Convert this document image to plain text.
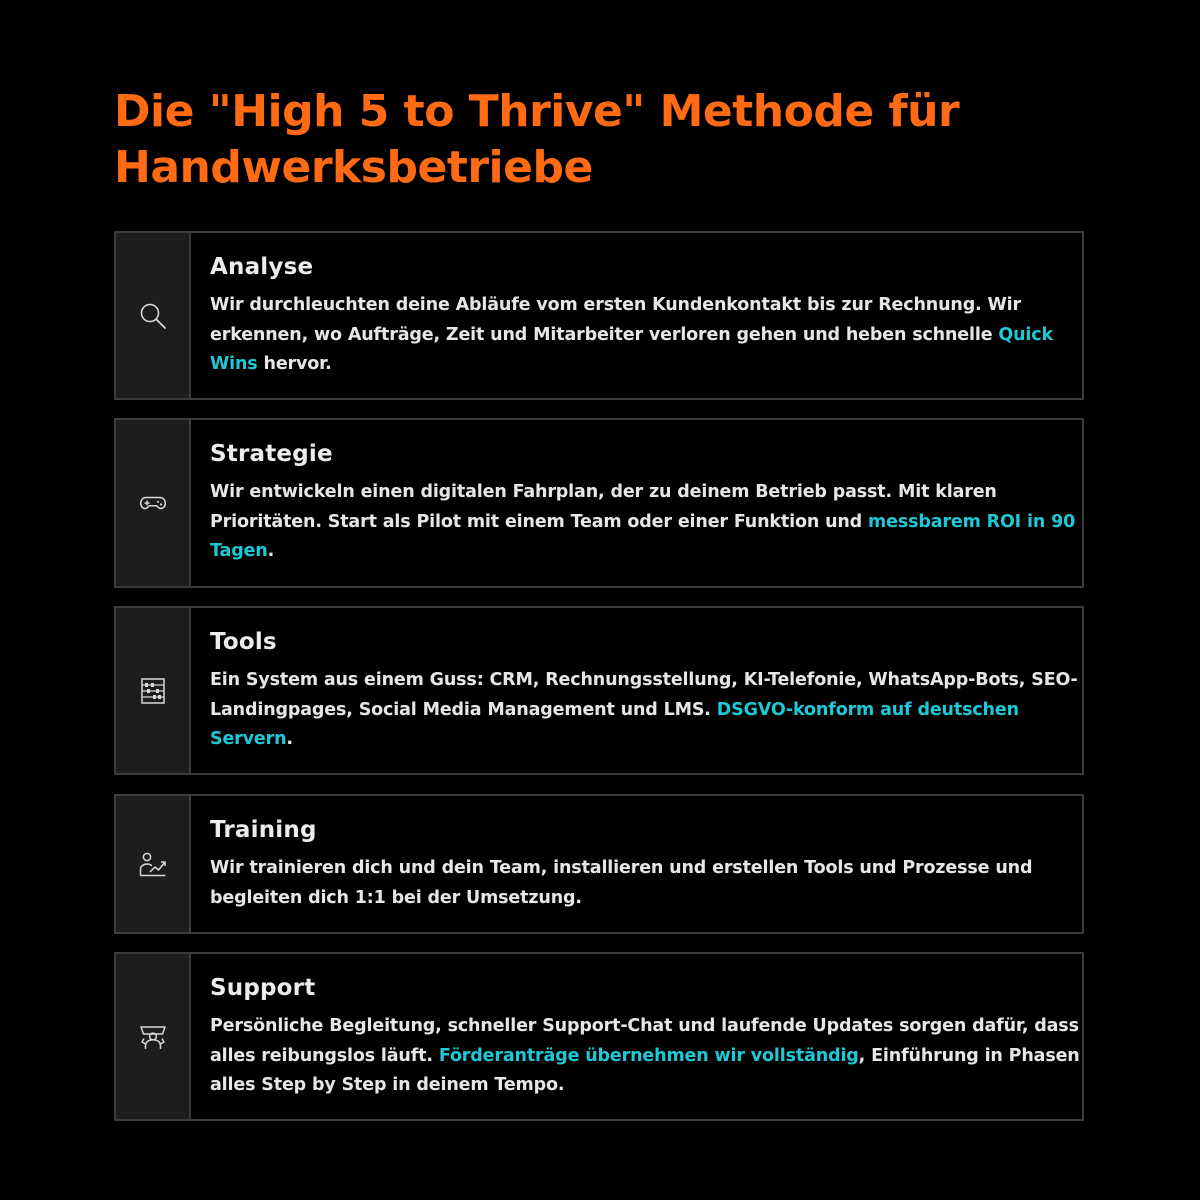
Die "High 5 to Thrive" Methode für
Handwerksbetriebe
Analyse

Wir durchleuchten deine Abläufe vom ersten Kundenkontakt bis zur Rechnung. Wir erkennen, wo Aufträge, Zeit und Mitarbeiter verloren gehen und heben schnelle Quick Wins hervor.

Strategie

Wir entwickeln einen digitalen Fahrplan, der zu deinem Betrieb passt. Mit klaren Prioritäten. Start als Pilot mit einem Team oder einer Funktion und messbarem ROI in 90 Tagen.

Tools

Ein System aus einem Guss: CRM, Rechnungsstellung, KI-Telefonie, WhatsApp-Bots, SEO-Landingpages, Social Media Management und LMS. DSGVO-konform auf deutschen Servern.

Training

Wir trainieren dich und dein Team, installieren und erstellen Tools und Prozesse und begleiten dich 1:1 bei der Umsetzung.

Support

Persönliche Begleitung, schneller Support-Chat und laufende Updates sorgen dafür, dass alles reibungslos läuft. Förderanträge übernehmen wir vollständig, Einführung in Phasen alles Step by Step in deinem Tempo.
